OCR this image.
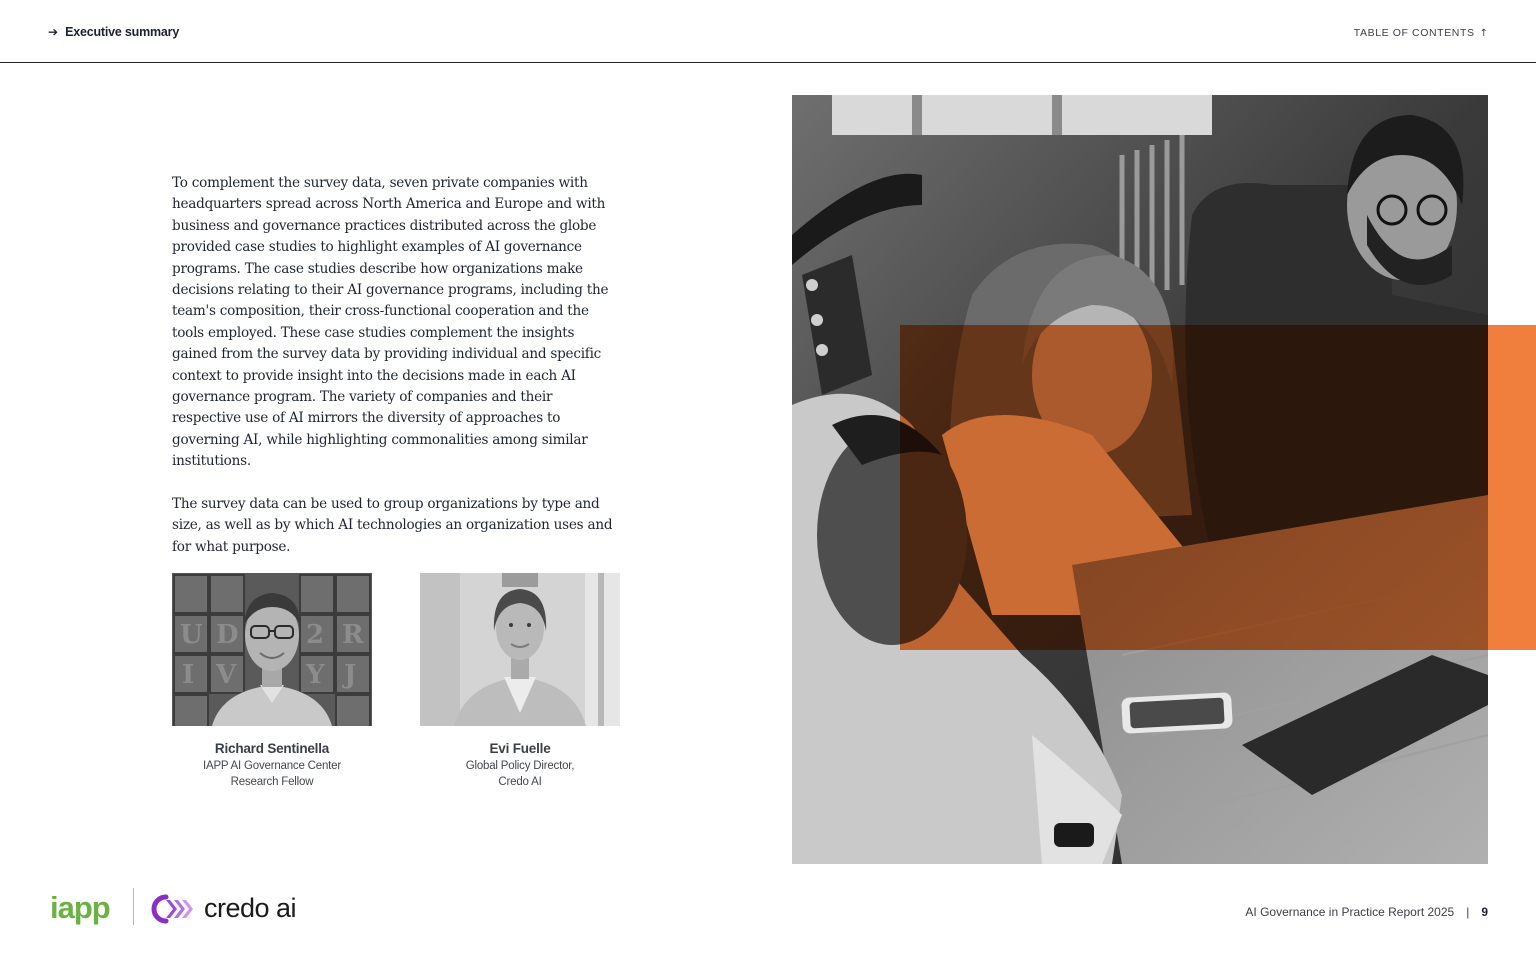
➔ Executive summary	TABLE OF CONTENTS ↑

To complement the survey data, seven private companies with headquarters spread across North America and Europe and with business and governance practices distributed across the globe provided case studies to highlight examples of AI governance programs. The case studies describe how organizations make decisions relating to their AI governance programs, including the team's composition, their cross-functional cooperation and the tools employed. These case studies complement the insights gained from the survey data by providing individual and specific context to provide insight into the decisions made in each AI governance program. The variety of companies and their respective use of AI mirrors the diversity of approaches to governing AI, while highlighting commonalities among similar institutions.

The survey data can be used to group organizations by type and size, as well as by which AI technologies an organization uses and for what purpose.

U D	2 R
I V	Y J
Richard Sentinella
IAPP AI Governance Center
Research Fellow
Evi Fuelle
Global Policy Director,
Credo AI
iapp	credo ai	AI Governance in Practice Report 2025 | 9
